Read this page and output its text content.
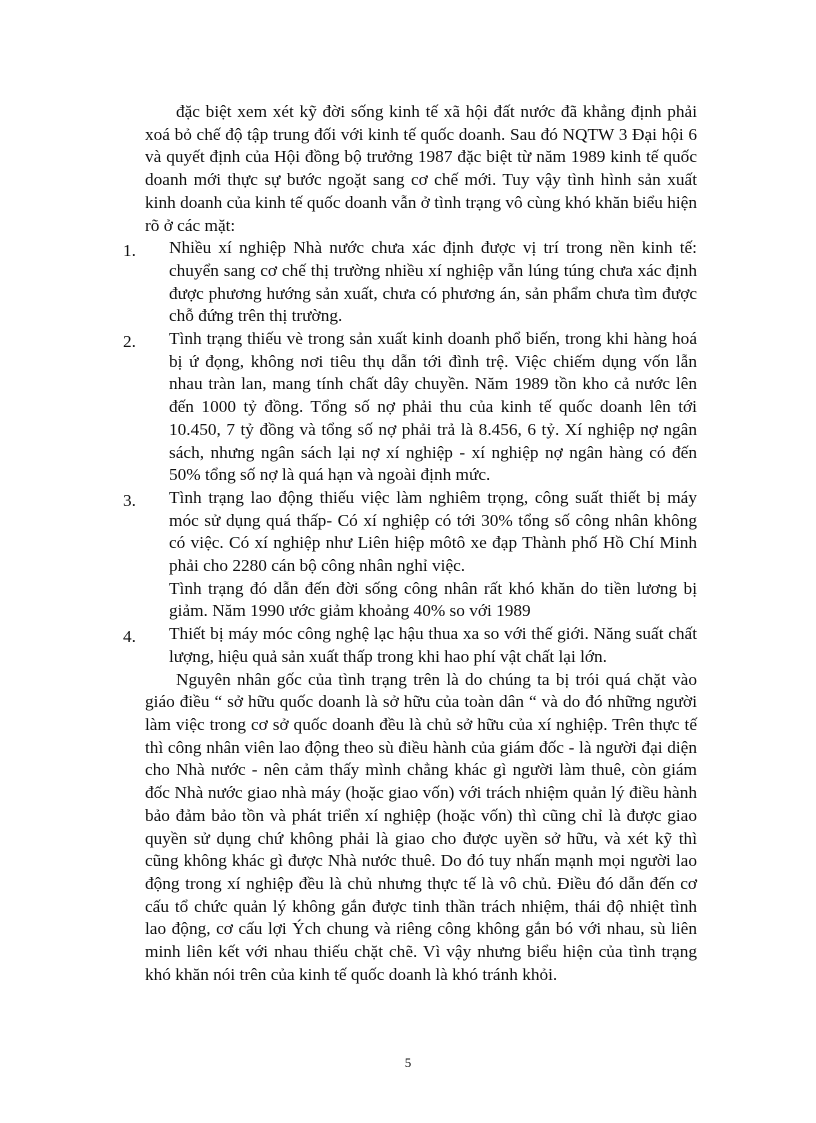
đặc biệt xem xét kỹ đời sống kinh tế xã hội đất nước đã khẳng định phải xoá bỏ chế độ tập trung đối với kinh tế quốc doanh. Sau đó NQTW 3 Đại hội 6 và quyết định của Hội đồng bộ trưởng 1987 đặc biệt từ năm 1989 kinh tế quốc doanh mới thực sự bước ngoặt sang cơ chế mới. Tuy vậy tình hình sản xuất kinh doanh của kinh tế quốc doanh vẫn ở tình trạng vô cùng khó khăn biểu hiện rõ ở các mặt:

1. Nhiều xí nghiệp Nhà nước chưa xác định được vị trí trong nền kinh tế: chuyển sang cơ chế thị trường nhiều xí nghiệp vẫn lúng túng chưa xác định được phương hướng sản xuất, chưa có phương án, sản phẩm chưa tìm được chỗ đứng trên thị trường.
2. Tình trạng thiếu vè trong sản xuất kinh doanh phổ biến, trong khi hàng hoá bị ứ đọng, không nơi tiêu thụ dẫn tới đình trệ. Việc chiếm dụng vốn lẫn nhau tràn lan, mang tính chất dây chuyền. Năm 1989 tồn kho cả nước lên đến 1000 tỷ đồng. Tổng số nợ phải thu của kinh tế quốc doanh lên tới 10.450, 7 tỷ đồng và tổng số nợ phải trả là 8.456, 6 tỷ. Xí nghiệp nợ ngân sách, nhưng ngân sách lại nợ xí nghiệp - xí nghiệp nợ ngân hàng có đến 50% tổng số nợ là quá hạn và ngoài định mức.
3. Tình trạng lao động thiếu việc làm nghiêm trọng, công suất thiết bị máy móc sử dụng quá thấp- Có xí nghiệp có tới 30% tổng số công nhân không có việc. Có xí nghiệp như Liên hiệp môtô xe đạp Thành phố Hồ Chí Minh phải cho 2280 cán bộ công nhân nghỉ việc.

Tình trạng đó dẫn đến đời sống công nhân rất khó khăn do tiền lương bị giảm. Năm 1990 ước giảm khoảng 40% so với 1989

4. Thiết bị máy móc công nghệ lạc hậu thua xa so với thế giới. Năng suất chất lượng, hiệu quả sản xuất thấp trong khi hao phí vật chất lại lớn.

Nguyên nhân gốc của tình trạng trên là do chúng ta bị trói quá chặt vào giáo điều “ sở hữu quốc doanh là sở hữu của toàn dân “ và do đó những người làm việc trong cơ sở quốc doanh đều là chủ sở hữu của xí nghiệp. Trên thực tế thì công nhân viên lao động theo sù điều hành của giám đốc - là người đại diện cho Nhà nước - nên cảm thấy mình chẳng khác gì người làm thuê, còn giám đốc Nhà nước giao nhà máy (hoặc giao vốn) với trách nhiệm quản lý điều hành bảo đảm bảo tồn và phát triển xí nghiệp (hoặc vốn) thì cũng chỉ là được giao quyền sử dụng chứ không phải là giao cho được uyền sở hữu, và xét kỹ thì cũng không khác gì được Nhà nước thuê. Do đó tuy nhấn mạnh mọi người lao động trong xí nghiệp đều là chủ nhưng thực tế là vô chủ. Điều đó dẫn đến cơ cấu tổ chức quản lý không gắn được tinh thần trách nhiệm, thái độ nhiệt tình lao động, cơ cấu lợi Ých chung và riêng công không gắn bó với nhau, sù liên minh liên kết với nhau thiếu chặt chẽ. Vì vậy nhưng biểu hiện của tình trạng khó khăn nói trên của kinh tế quốc doanh là khó tránh khỏi.

5
